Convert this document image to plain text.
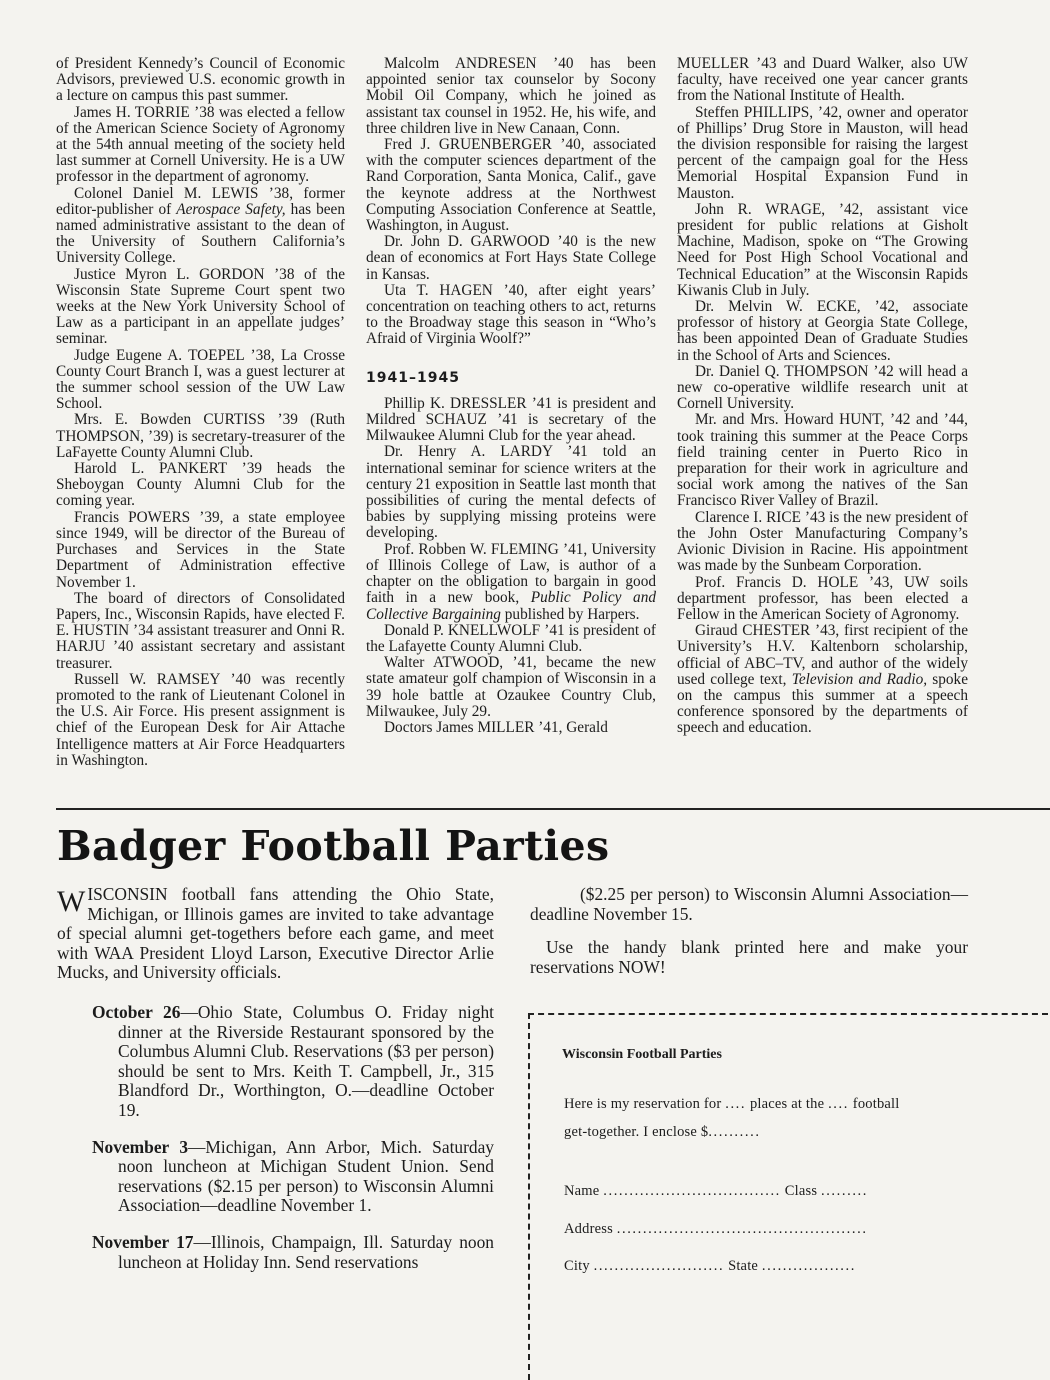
of President Kennedy’s Council of Economic Advisors, previewed U.S. economic growth in a lecture on campus this past summer.

James H. TORRIE ’38 was elected a fellow of the American Science Society of Agronomy at the 54th annual meeting of the society held last summer at Cornell University. He is a UW professor in the department of agronomy.

Colonel Daniel M. LEWIS ’38, former editor-publisher of Aerospace Safety, has been named administrative assistant to the dean of the University of Southern California’s University College.

Justice Myron L. GORDON ’38 of the Wisconsin State Supreme Court spent two weeks at the New York University School of Law as a participant in an appellate judges’ seminar.

Judge Eugene A. TOEPEL ’38, La Crosse County Court Branch I, was a guest lecturer at the summer school session of the UW Law School.

Mrs. E. Bowden CURTISS ’39 (Ruth THOMPSON, ’39) is secretary-treasurer of the LaFayette County Alumni Club.

Harold L. PANKERT ’39 heads the Sheboygan County Alumni Club for the coming year.

Francis POWERS ’39, a state employee since 1949, will be director of the Bureau of Purchases and Services in the State Department of Administration effective November 1.

The board of directors of Consolidated Papers, Inc., Wisconsin Rapids, have elected F. E. HUSTIN ’34 assistant treasurer and Onni R. HARJU ’40 assistant secretary and assistant treasurer.

Russell W. RAMSEY ’40 was recently promoted to the rank of Lieutenant Colonel in the U.S. Air Force. His present assignment is chief of the European Desk for Air Attache Intelligence matters at Air Force Headquarters in Washington.

Malcolm ANDRESEN ’40 has been appointed senior tax counselor by Socony Mobil Oil Company, which he joined as assistant tax counsel in 1952. He, his wife, and three children live in New Canaan, Conn.

Fred J. GRUENBERGER ’40, associated with the computer sciences department of the Rand Corporation, Santa Monica, Calif., gave the keynote address at the Northwest Computing Association Conference at Seattle, Washington, in August.

Dr. John D. GARWOOD ’40 is the new dean of economics at Fort Hays State College in Kansas.

Uta T. HAGEN ’40, after eight years’ concentration on teaching others to act, returns to the Broadway stage this season in “Who’s Afraid of Virginia Woolf?”

1941–1945

Phillip K. DRESSLER ’41 is president and Mildred SCHAUZ ’41 is secretary of the Milwaukee Alumni Club for the year ahead.

Dr. Henry A. LARDY ’41 told an international seminar for science writers at the century 21 exposition in Seattle last month that possibilities of curing the mental defects of babies by supplying missing proteins were developing.

Prof. Robben W. FLEMING ’41, University of Illinois College of Law, is author of a chapter on the obligation to bargain in good faith in a new book, Public Policy and Collective Bargaining published by Harpers.

Donald P. KNELLWOLF ’41 is president of the Lafayette County Alumni Club.

Walter ATWOOD, ’41, became the new state amateur golf champion of Wisconsin in a 39 hole battle at Ozaukee Country Club, Milwaukee, July 29.

Doctors James MILLER ’41, Gerald

MUELLER ’43 and Duard Walker, also UW faculty, have received one year cancer grants from the National Institute of Health.

Steffen PHILLIPS, ’42, owner and operator of Phillips’ Drug Store in Mauston, will head the division responsible for raising the largest percent of the campaign goal for the Hess Memorial Hospital Expansion Fund in Mauston.

John R. WRAGE, ’42, assistant vice president for public relations at Gisholt Machine, Madison, spoke on “The Growing Need for Post High School Vocational and Technical Education” at the Wisconsin Rapids Kiwanis Club in July.

Dr. Melvin W. ECKE, ’42, associate professor of history at Georgia State College, has been appointed Dean of Graduate Studies in the School of Arts and Sciences.

Dr. Daniel Q. THOMPSON ’42 will head a new co-operative wildlife research unit at Cornell University.

Mr. and Mrs. Howard HUNT, ’42 and ’44, took training this summer at the Peace Corps field training center in Puerto Rico in preparation for their work in agriculture and social work among the natives of the San Francisco River Valley of Brazil.

Clarence I. RICE ’43 is the new president of the John Oster Manufacturing Company’s Avionic Division in Racine. His appointment was made by the Sunbeam Corporation.

Prof. Francis D. HOLE ’43, UW soils department professor, has been elected a Fellow in the American Society of Agronomy.

Giraud CHESTER ’43, first recipient of the University’s H.V. Kaltenborn scholarship, official of ABC–TV, and author of the widely used college text, Television and Radio, spoke on the campus this summer at a speech conference sponsored by the departments of speech and education.

Badger Football Parties

WISCONSIN football fans attending the Ohio State, Michigan, or Illinois games are invited to take advantage of special alumni get-togethers before each game, and meet with WAA President Lloyd Larson, Executive Director Arlie Mucks, and University officials.

October 26—Ohio State, Columbus O. Friday night dinner at the Riverside Restaurant sponsored by the Columbus Alumni Club. Reservations ($3 per person) should be sent to Mrs. Keith T. Campbell, Jr., 315 Blandford Dr., Worthington, O.—deadline October 19.

November 3—Michigan, Ann Arbor, Mich. Saturday noon luncheon at Michigan Student Union. Send reservations ($2.15 per person) to Wisconsin Alumni Association—deadline November 1.

November 17—Illinois, Champaign, Ill. Saturday noon luncheon at Holiday Inn. Send reservations

($2.25 per person) to Wisconsin Alumni Association—deadline November 15.

Use the handy blank printed here and make your reservations NOW!

Wisconsin Football Parties
Here is my reservation for .... places at the .... football
get-together. I enclose $..........
Name .................................. Class .........
Address ................................................
City ......................... State ..................
